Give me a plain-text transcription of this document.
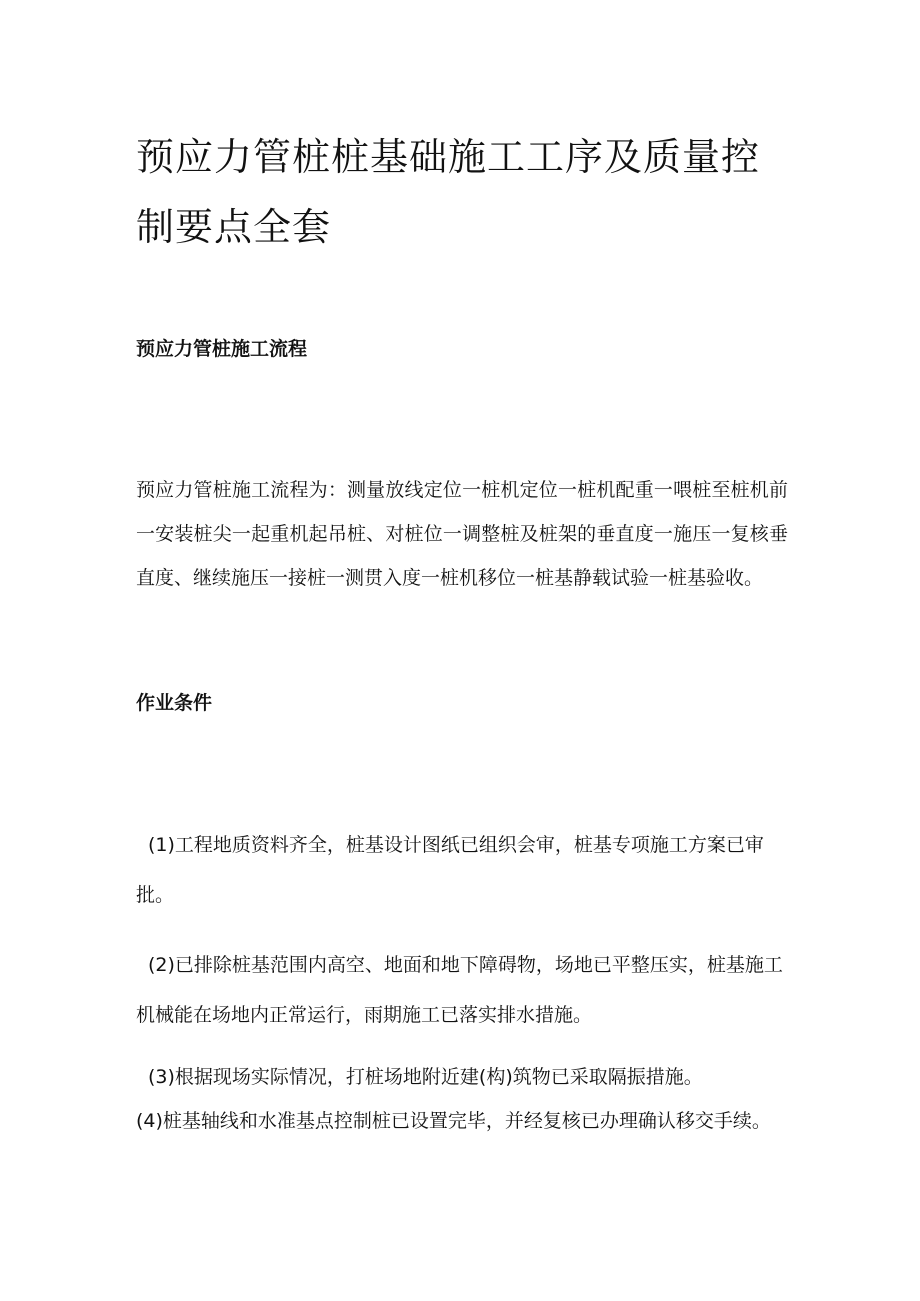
预应力管桩桩基础施工工序及质量控制要点全套
预应力管桩施工流程

预应力管桩施工流程为：测量放线定位一桩机定位一桩机配重一喂桩至桩机前一安装桩尖一起重机起吊桩、对桩位一调整桩及桩架的垂直度一施压一复核垂直度、继续施压一接桩一测贯入度一桩机移位一桩基静载试验一桩基验收。

作业条件

(1)工程地质资料齐全，桩基设计图纸已组织会审，桩基专项施工方案已审批。

(2)已排除桩基范围内高空、地面和地下障碍物，场地已平整压实，桩基施工机械能在场地内正常运行，雨期施工已落实排水措施。

(3)根据现场实际情况，打桩场地附近建(构)筑物已采取隔振措施。

(4)桩基轴线和水准基点控制桩已设置完毕，并经复核已办理确认移交手续。
